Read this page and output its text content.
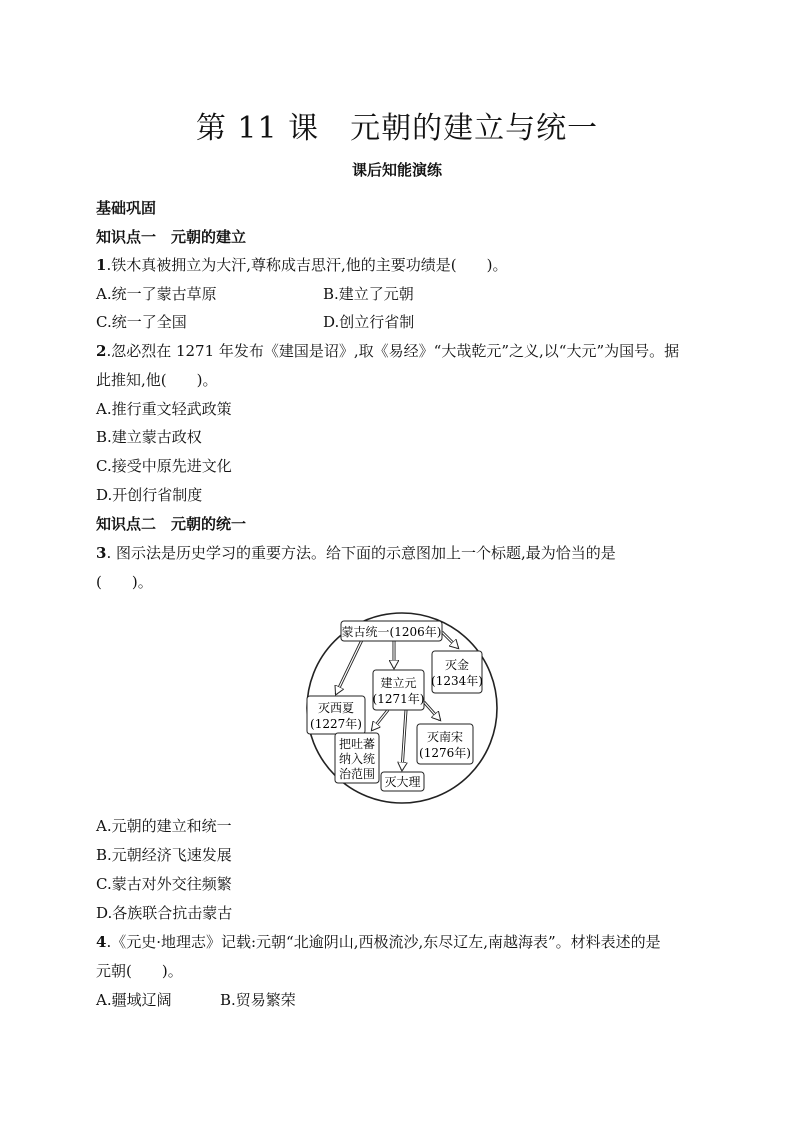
第 11 课　元朝的建立与统一
课后知能演练
基础巩固
知识点一　元朝的建立
1.铁木真被拥立为大汗,尊称成吉思汗,他的主要功绩是(　　)。
A.统一了蒙古草原	B.建立了元朝
C.统一了全国	D.创立行省制
2.忽必烈在 1271 年发布《建国是诏》,取《易经》“大哉乾元”之义,以“大元”为国号。据
此推知,他(　　)。
A.推行重文轻武政策
B.建立蒙古政权
C.接受中原先进文化
D.开创行省制度
知识点二　元朝的统一
3. 图示法是历史学习的重要方法。给下面的示意图加上一个标题,最为恰当的是
(　　)。
蒙古统一(1206年)
建立元
(1271年)
灭金
(1234年)
灭西夏
(1227年)
灭南宋
(1276年)
把吐蕃
纳入统
治范围
灭大理
A.元朝的建立和统一
B.元朝经济飞速发展
C.蒙古对外交往频繁
D.各族联合抗击蒙古
4.《元史·地理志》记载:元朝“北逾阴山,西极流沙,东尽辽左,南越海表”。材料表述的是
元朝(　　)。
A.疆域辽阔	B.贸易繁荣
